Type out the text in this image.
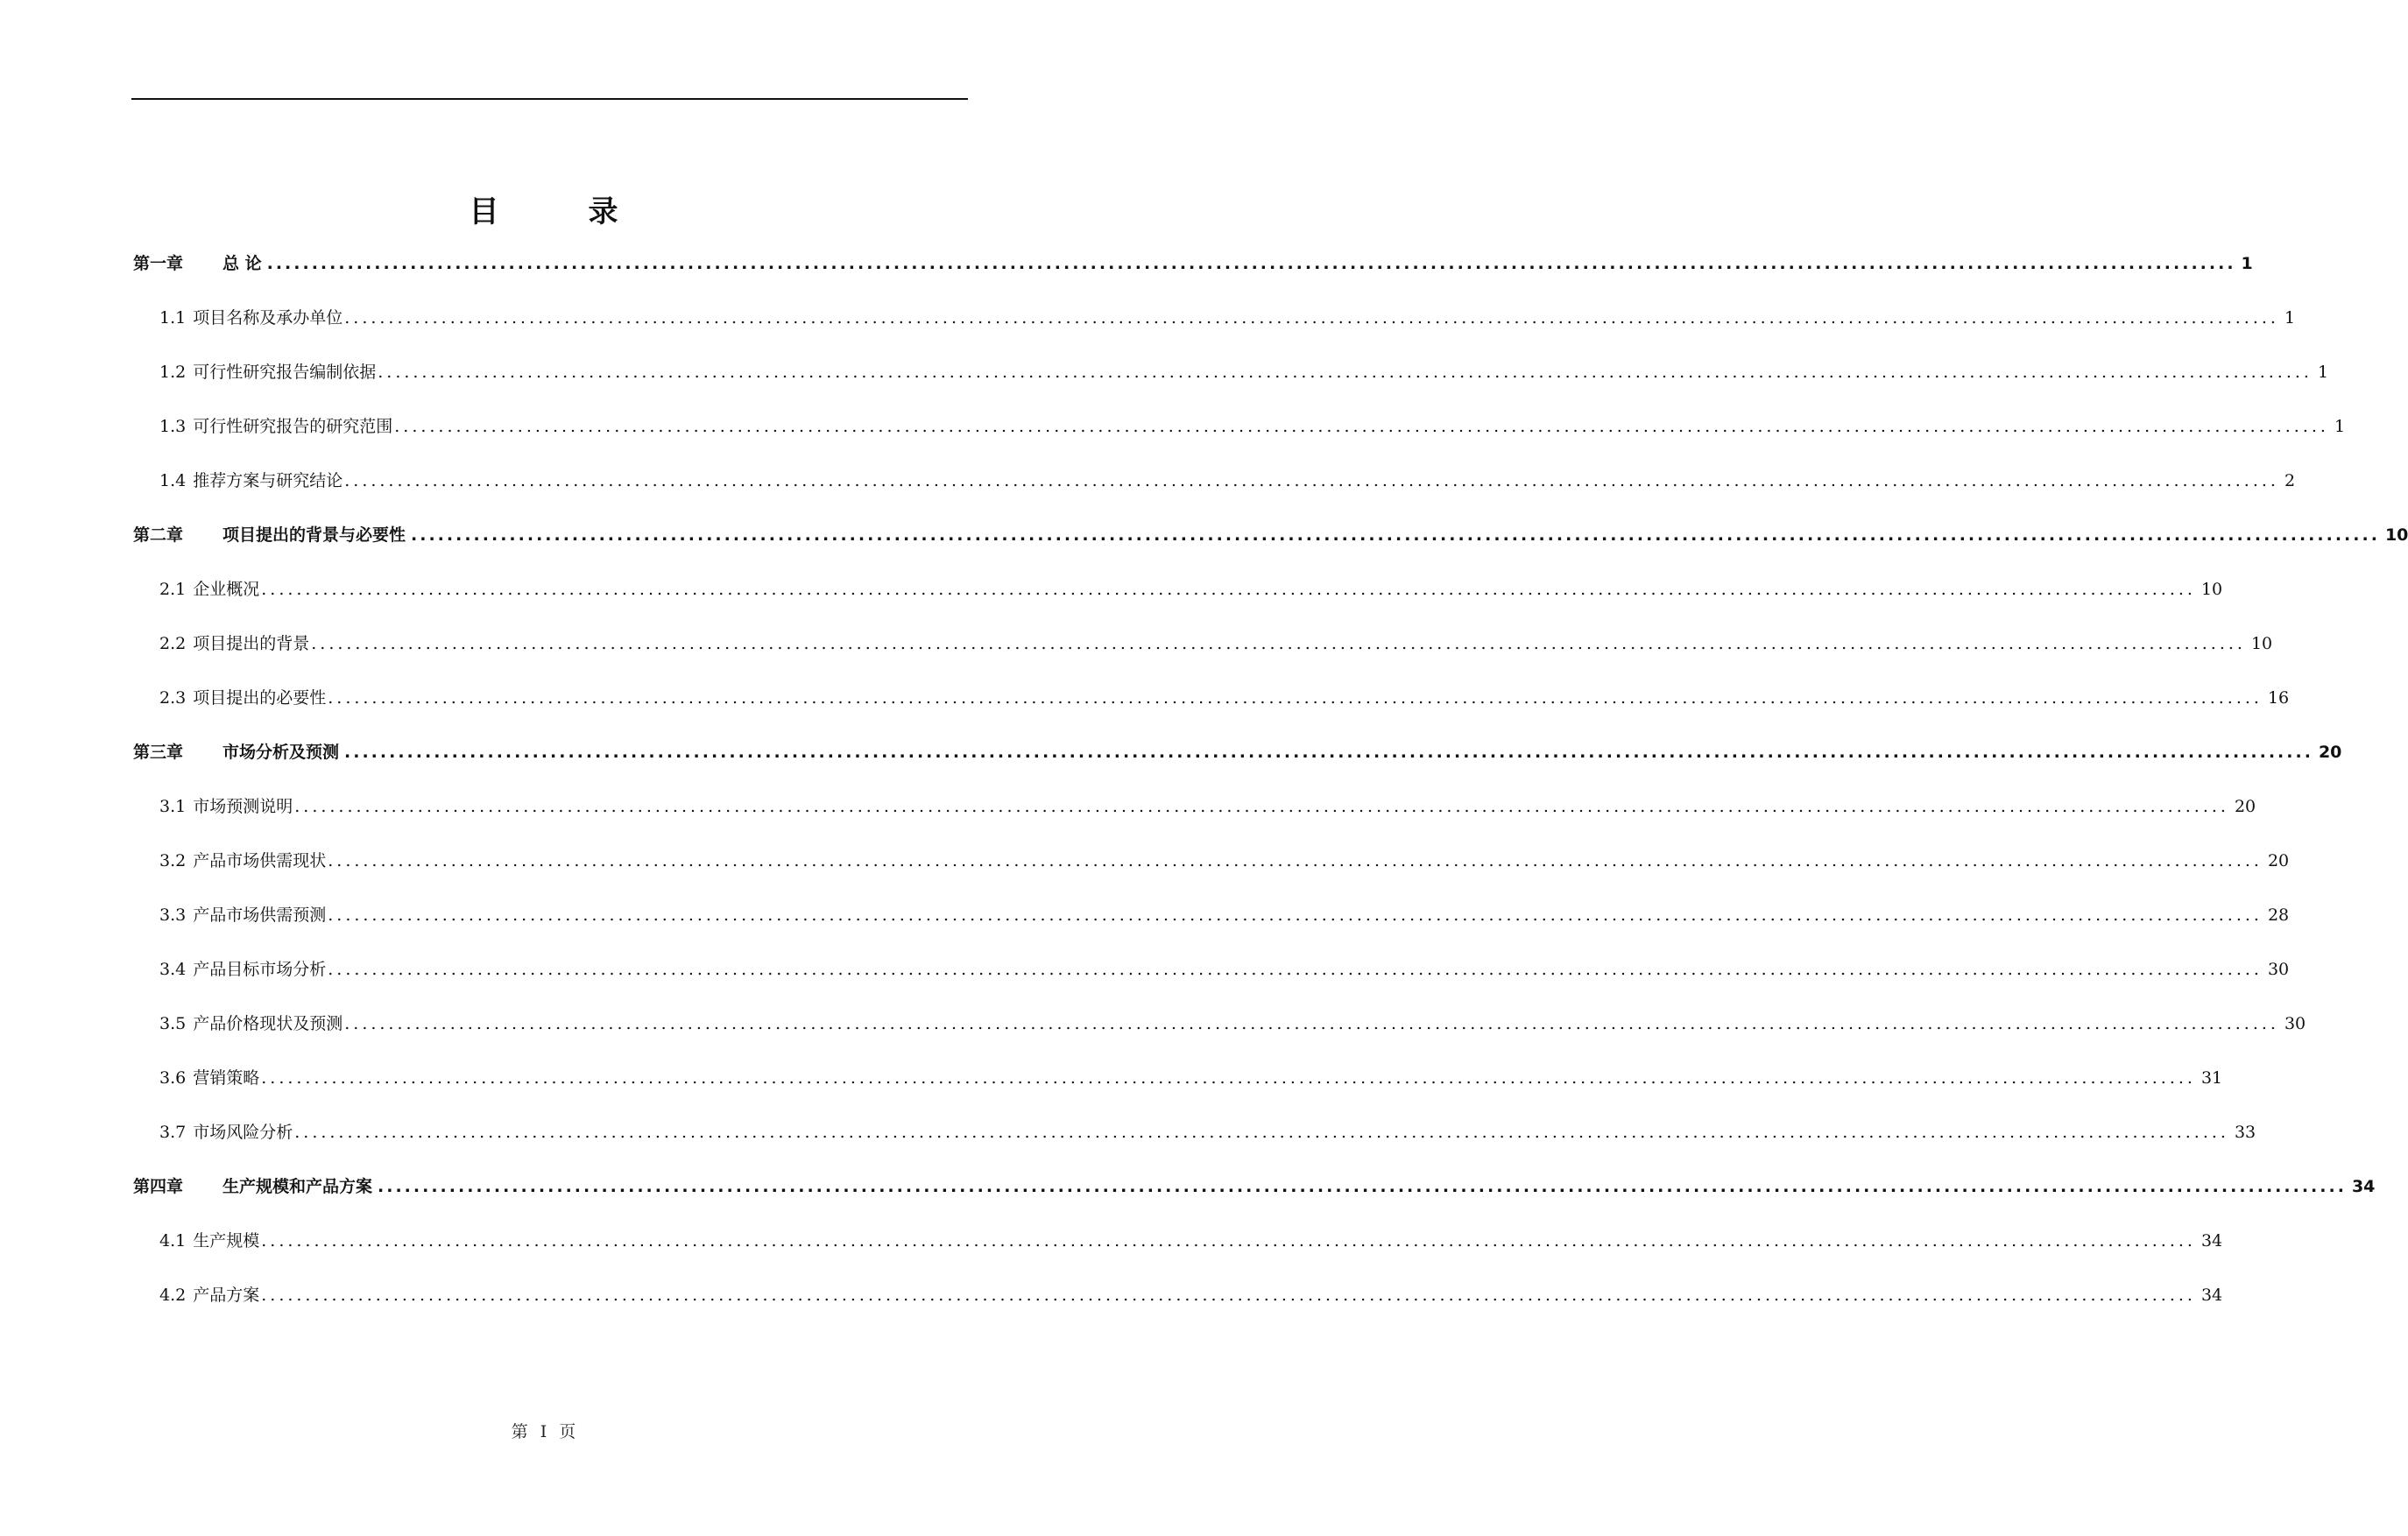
目　录
第一章	总 论 ............................................................................................................................................................................................................................ 1
1.1 项目名称及承办单位 ............................................................................................................................................................................................................................ 1
1.2 可行性研究报告编制依据 ............................................................................................................................................................................................................................ 1
1.3 可行性研究报告的研究范围 ............................................................................................................................................................................................................................ 1
1.4 推荐方案与研究结论 ............................................................................................................................................................................................................................ 2
第二章	项目提出的背景与必要性 ............................................................................................................................................................................................................................ 10
2.1 企业概况 ............................................................................................................................................................................................................................ 10
2.2 项目提出的背景 ............................................................................................................................................................................................................................ 10
2.3 项目提出的必要性 ............................................................................................................................................................................................................................ 16
第三章	市场分析及预测 ............................................................................................................................................................................................................................ 20
3.1 市场预测说明 ............................................................................................................................................................................................................................ 20
3.2 产品市场供需现状 ............................................................................................................................................................................................................................ 20
3.3 产品市场供需预测 ............................................................................................................................................................................................................................ 28
3.4 产品目标市场分析 ............................................................................................................................................................................................................................ 30
3.5 产品价格现状及预测 ............................................................................................................................................................................................................................ 30
3.6 营销策略 ............................................................................................................................................................................................................................ 31
3.7 市场风险分析 ............................................................................................................................................................................................................................ 33
第四章	生产规模和产品方案 ............................................................................................................................................................................................................................ 34
4.1 生产规模 ............................................................................................................................................................................................................................ 34
4.2 产品方案 ............................................................................................................................................................................................................................ 34
第 I 页
